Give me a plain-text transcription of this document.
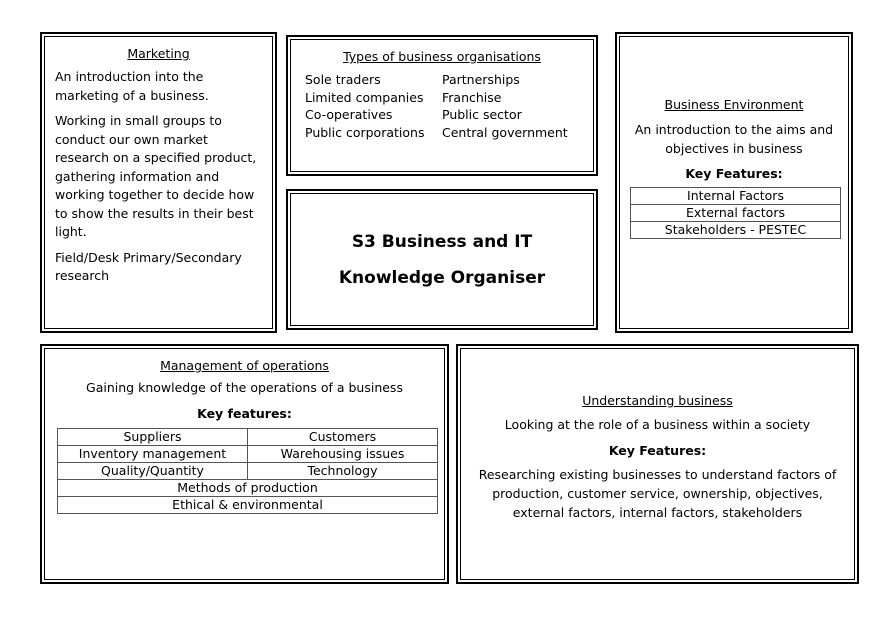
Marketing

An introduction into the marketing of a business.

Working in small groups to conduct our own market research on a specified product, gathering information and working together to decide how to show the results in their best light.

Field/Desk Primary/Secondary research

Types of business organisations

Sole traders

Limited companies

Co-operatives

Public corporations

Partnerships

Franchise

Public sector

Central government

S3 Business and IT
Knowledge Organiser
Business Environment

An introduction to the aims and objectives in business

Key Features:
Internal Factors
External factors
Stakeholders - PESTEC
Management of operations

Gaining knowledge of the operations of a business

Key features:
Suppliers	Customers
Inventory management	Warehousing issues
Quality/Quantity	Technology
Methods of production	
Ethical & environmental	
Understanding business

Looking at the role of a business within a society

Key Features:

Researching existing businesses to understand factors of production, customer service, ownership, objectives, external factors, internal factors, stakeholders
